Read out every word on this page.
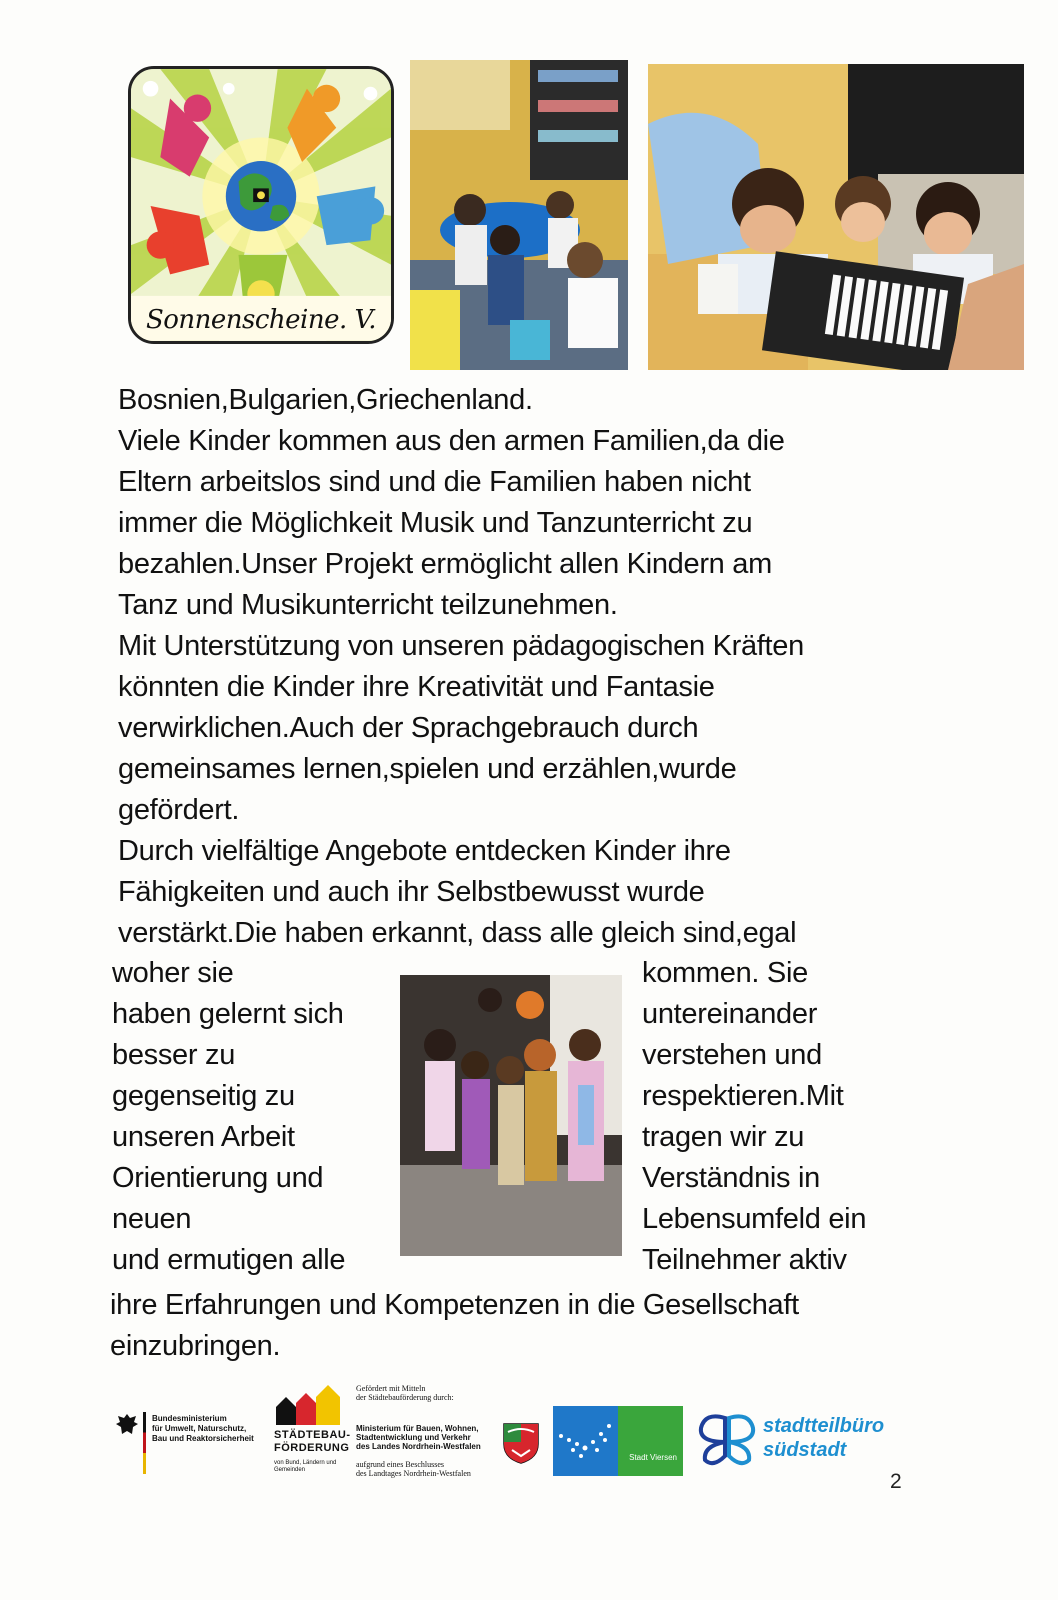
Sonnenscheine. V.
Bosnien,Bulgarien,Griechenland.
Viele Kinder kommen aus den armen Familien,da die
Eltern arbeitslos sind und die Familien haben nicht
immer die Möglichkeit Musik und Tanzunterricht zu
bezahlen.Unser Projekt ermöglicht allen Kindern am
Tanz und Musikunterricht teilzunehmen.
Mit Unterstützung von unseren pädagogischen Kräften
könnten die Kinder ihre Kreativität und Fantasie
verwirklichen.Auch der Sprachgebrauch durch
gemeinsames lernen,spielen und erzählen,wurde
gefördert.
Durch vielfältige Angebote entdecken Kinder ihre
Fähigkeiten und auch ihr Selbstbewusst wurde
verstärkt.Die haben erkannt, dass alle gleich sind,egal
woher sie
haben gelernt sich
besser zu
gegenseitig zu
unseren Arbeit
Orientierung und
neuen
und ermutigen alle
kommen. Sie
untereinander
verstehen und
respektieren.Mit
tragen wir zu
Verständnis in
Lebensumfeld ein
Teilnehmer aktiv
ihre Erfahrungen und Kompetenzen in die Gesellschaft
einzubringen.
Bundesministerium
für Umwelt, Naturschutz,
Bau und Reaktorsicherheit STÄDTEBAU-
FÖRDERUNG
von Bund, Ländern und Gemeinden
Gefördert mit Mitteln
der Städtebauförderung durch:
Ministerium für Bauen, Wohnen,
Stadtentwicklung und Verkehr
des Landes Nordrhein-Westfalen
aufgrund eines Beschlusses
des Landtages Nordrhein-Westfalen
Stadt Viersen
stadtteilbüro
südstadt
2
